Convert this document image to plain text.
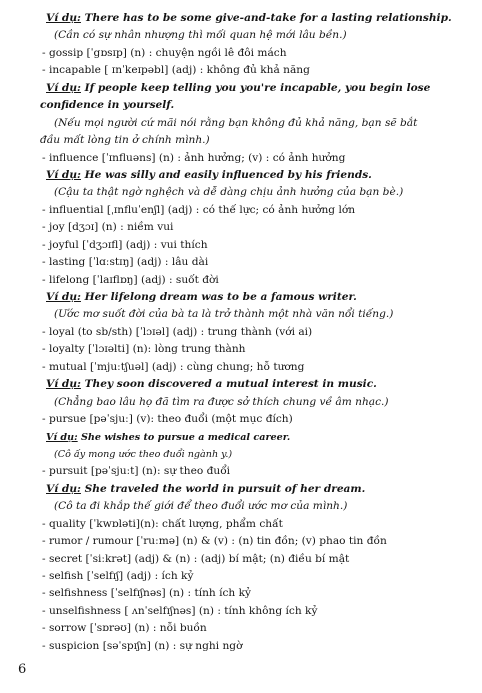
Ví dụ: There has to be some give-and-take for a lasting relationship.
(Cần có sự nhân nhượng thì mối quan hệ mới lâu bền.)
- gossip [ˈgɒsɪp] (n) : chuyện ngồi lê đôi mách
- incapable [ ɪnˈkeɪpəbl] (adj) : không đủ khả năng
Ví dụ: If people keep telling you you're incapable, you begin lose
confidence in yourself.
(Nếu mọi người cứ mãi nói rằng bạn không đủ khả năng, bạn sẽ bắt
đầu mất lòng tin ở chính mình.)
- influence [ˈɪnfluəns] (n) : ảnh hưởng; (v) : có ảnh hưởng
Ví dụ: He was silly and easily influenced by his friends.
(Cậu ta thật ngờ nghệch và dễ dàng chịu ảnh hưởng của bạn bè.)
- influential [ˌɪnfluˈenʃl] (adj) : có thế lực; có ảnh hưởng lớn
- joy [dʒɔɪ] (n) : niềm vui
- joyful [ˈdʒɔɪfl] (adj) : vui thích
- lasting [ˈlɑːstɪŋ] (adj) : lâu dài
- lifelong [ˈlaɪflɒŋ] (adj) : suốt đời
Ví dụ: Her lifelong dream was to be a famous writer.
(Ước mơ suốt đời của bà ta là trở thành một nhà văn nổi tiếng.)
- loyal (to sb/sth) [ˈlɔɪəl] (adj) : trung thành (với ai)
- loyalty [ˈlɔɪəlti] (n): lòng trung thành
- mutual [ˈmjuːtʃuəl] (adj) : cùng chung; hỗ tương
Ví dụ: They soon discovered a mutual interest in music.
(Chẳng bao lâu họ đã tìm ra được sở thích chung về âm nhạc.)
- pursue [pəˈsjuː] (v): theo đuổi (một mục đích)
Ví dụ: She wishes to pursue a medical career.
(Cô ấy mong ước theo đuổi ngành y.)
- pursuit [pəˈsjuːt] (n): sự theo đuổi
Ví dụ: She traveled the world in pursuit of her dream.
(Cô ta đi khắp thế giới để theo đuổi ước mơ của mình.)
- quality [ˈkwɒləti](n): chất lượng, phẩm chất
- rumor / rumour [ˈruːmə] (n) & (v) : (n) tin đồn; (v) phao tin đồn
- secret [ˈsiːkrət] (adj) & (n) : (adj) bí mật; (n) điều bí mật
- selfish [ˈselfɪʃ] (adj) : ích kỷ
- selfishness [ˈselfɪʃnəs] (n) : tính ích kỷ
- unselfishness [ ʌnˈselfɪʃnəs] (n) : tính không ích kỷ
- sorrow [ˈsɒrəʊ] (n) : nỗi buồn
- suspicion [səˈspɪʃn] (n) : sự nghi ngờ
6
